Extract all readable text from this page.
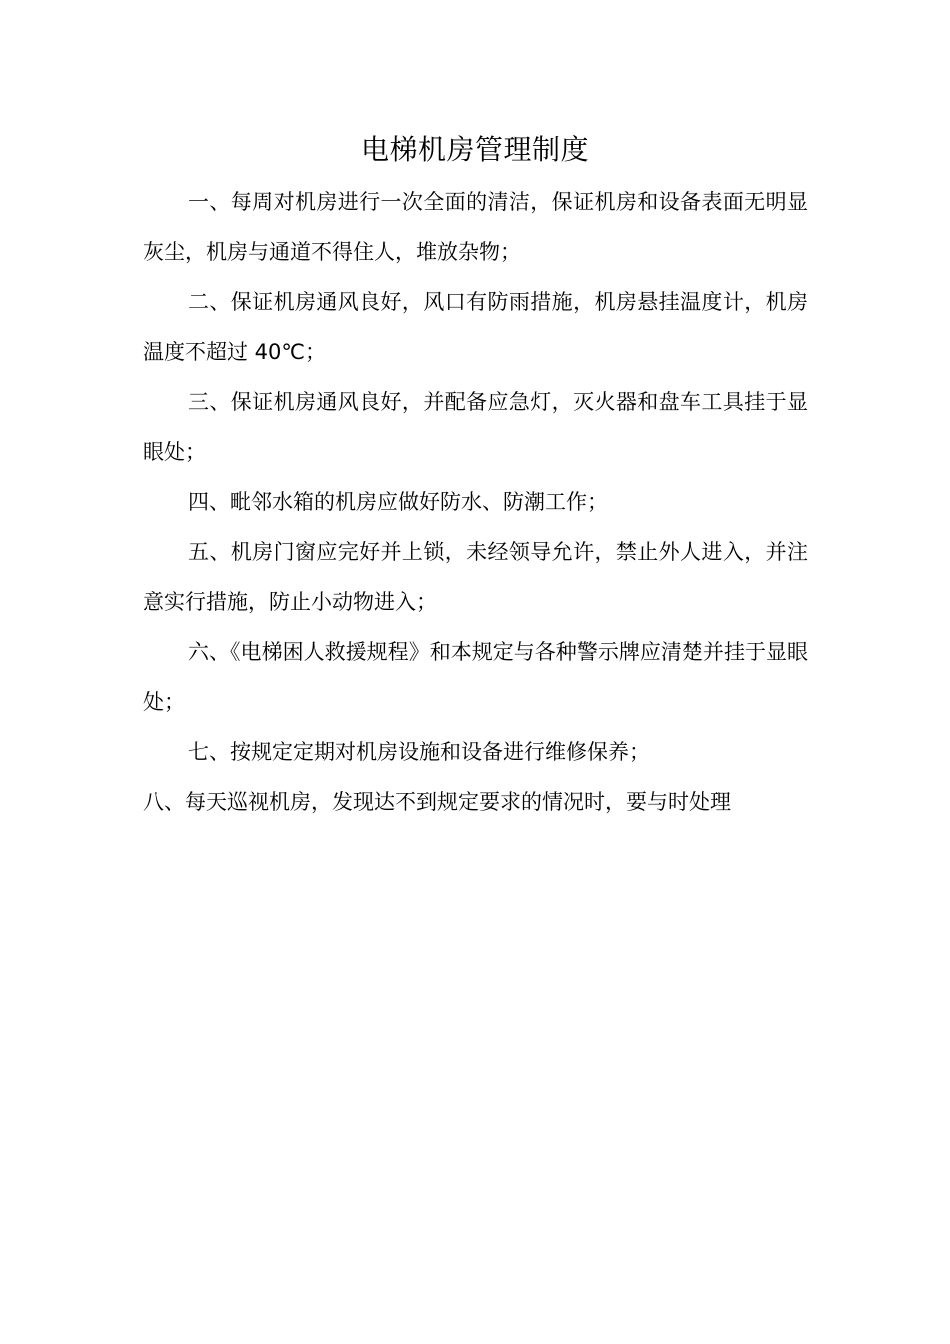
电梯机房管理制度

一、每周对机房进行一次全面的清洁，保证机房和设备表面无明显灰尘，机房与通道不得住人，堆放杂物；

二、保证机房通风良好，风口有防雨措施，机房悬挂温度计，机房温度不超过 40℃；

三、保证机房通风良好，并配备应急灯，灭火器和盘车工具挂于显眼处；

四、毗邻水箱的机房应做好防水、防潮工作；

五、机房门窗应完好并上锁，未经领导允许，禁止外人进入，并注意实行措施，防止小动物进入；

六、《电梯困人救援规程》和本规定与各种警示牌应清楚并挂于显眼处；

七、按规定定期对机房设施和设备进行维修保养；

八、每天巡视机房，发现达不到规定要求的情况时，要与时处理
